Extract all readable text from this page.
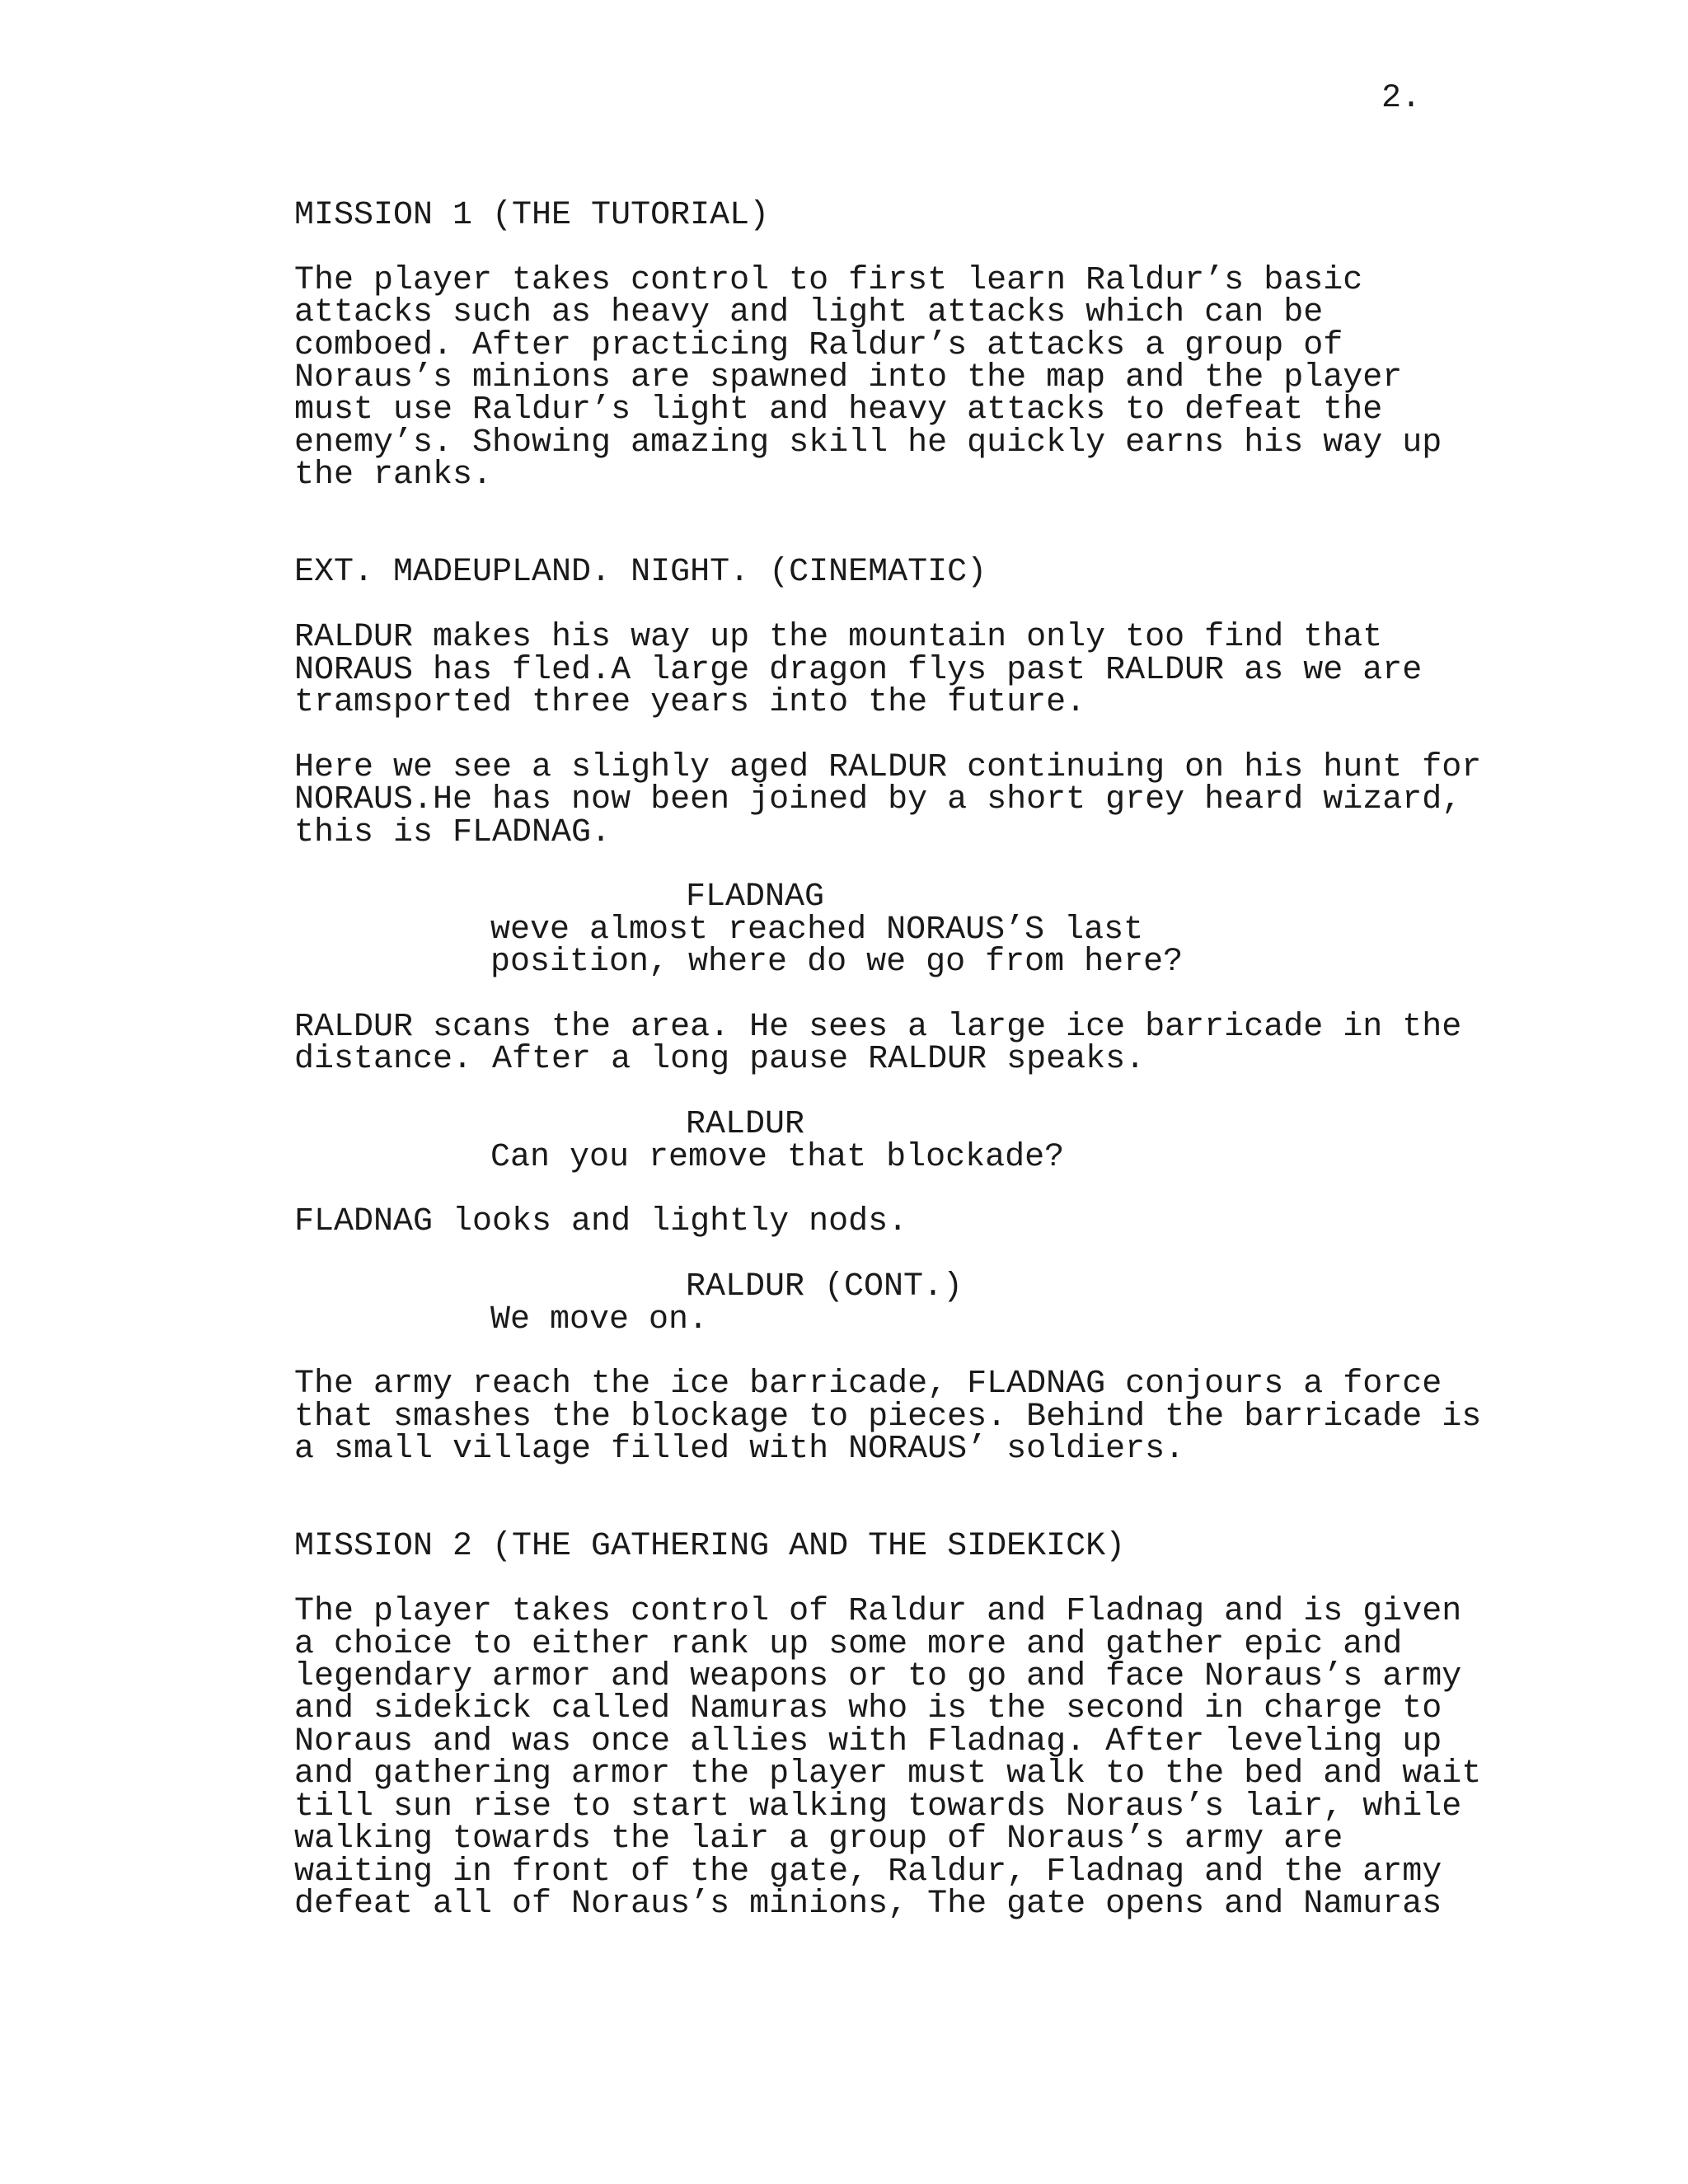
2.
MISSION 1 (THE TUTORIAL)
The player takes control to first learn Raldur’s basic
attacks such as heavy and light attacks which can be
comboed. After practicing Raldur’s attacks a group of
Noraus’s minions are spawned into the map and the player
must use Raldur’s light and heavy attacks to defeat the
enemy’s. Showing amazing skill he quickly earns his way up
the ranks.
EXT. MADEUPLAND. NIGHT. (CINEMATIC)
RALDUR makes his way up the mountain only too find that
NORAUS has fled.A large dragon flys past RALDUR as we are
tramsported three years into the future.
Here we see a slighly aged RALDUR continuing on his hunt for
NORAUS.He has now been joined by a short grey heard wizard,
this is FLADNAG.
FLADNAG
weve almost reached NORAUS’S last
position, where do we go from here?
RALDUR scans the area. He sees a large ice barricade in the
distance. After a long pause RALDUR speaks.
RALDUR
Can you remove that blockade?
FLADNAG looks and lightly nods.
RALDUR (CONT.)
We move on.
The army reach the ice barricade, FLADNAG conjours a force
that smashes the blockage to pieces. Behind the barricade is
a small village filled with NORAUS’ soldiers.
MISSION 2 (THE GATHERING AND THE SIDEKICK)
The player takes control of Raldur and Fladnag and is given
a choice to either rank up some more and gather epic and
legendary armor and weapons or to go and face Noraus’s army
and sidekick called Namuras who is the second in charge to
Noraus and was once allies with Fladnag. After leveling up
and gathering armor the player must walk to the bed and wait
till sun rise to start walking towards Noraus’s lair, while
walking towards the lair a group of Noraus’s army are
waiting in front of the gate, Raldur, Fladnag and the army
defeat all of Noraus’s minions, The gate opens and Namuras
